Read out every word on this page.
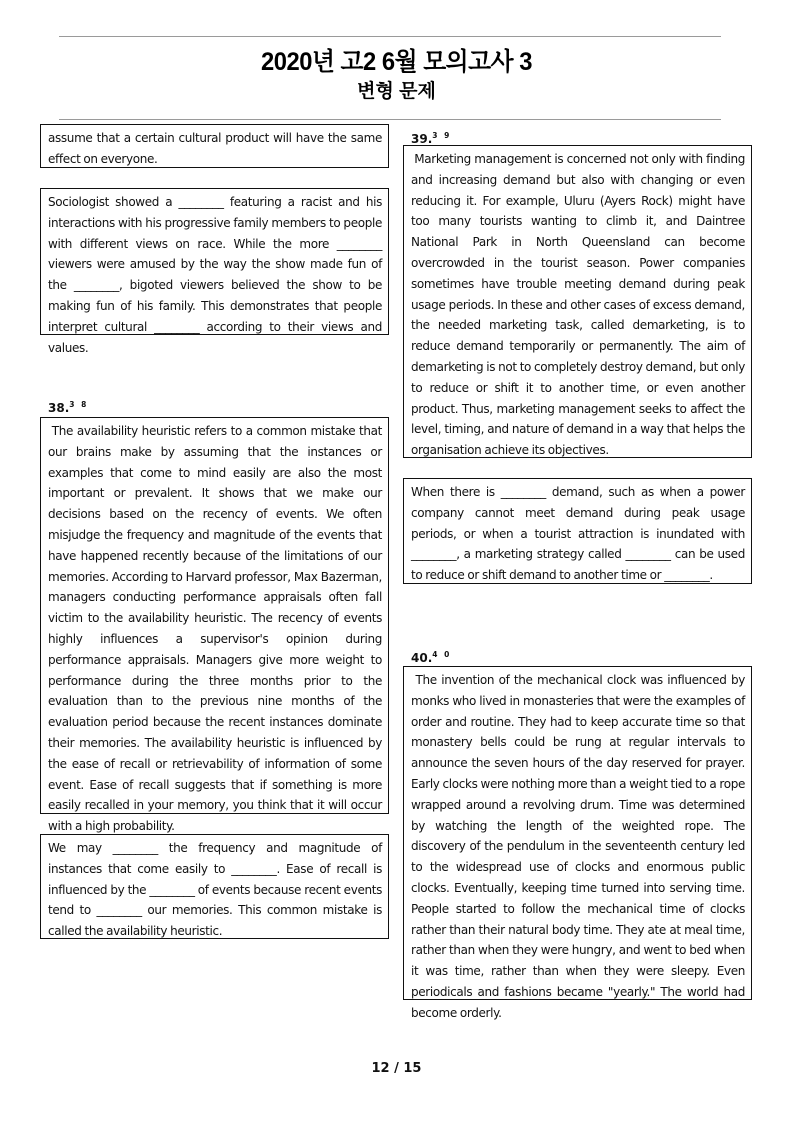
2020년 고2 6월 모의고사 3
변형 문제

assume that a certain cultural product will have the same effect on everyone.

Sociologist showed a ________ featuring a racist and his interactions with his progressive family members to people with different views on race. While the more ________ viewers were amused by the way the show made fun of the ________, bigoted viewers believed the show to be making fun of his family. This demonstrates that people interpret cultural ________ according to their views and values.

38.$^{3 8}$

The availability heuristic refers to a common mistake that our brains make by assuming that the instances or examples that come to mind easily are also the most important or prevalent. It shows that we make our decisions based on the recency of events. We often misjudge the frequency and magnitude of the events that have happened recently because of the limitations of our memories. According to Harvard professor, Max Bazerman, managers conducting performance appraisals often fall victim to the availability heuristic. The recency of events highly influences a supervisor's opinion during performance appraisals. Managers give more weight to performance during the three months prior to the evaluation than to the previous nine months of the evaluation period because the recent instances dominate their memories. The availability heuristic is influenced by the ease of recall or retrievability of information of some event. Ease of recall suggests that if something is more easily recalled in your memory, you think that it will occur with a high probability.

We may ________ the frequency and magnitude of instances that come easily to ________. Ease of recall is influenced by the ________ of events because recent events tend to ________ our memories. This common mistake is called the availability heuristic.

39.$^{3 9}$

Marketing management is concerned not only with finding and increasing demand but also with changing or even reducing it. For example, Uluru (Ayers Rock) might have too many tourists wanting to climb it, and Daintree National Park in North Queensland can become overcrowded in the tourist season. Power companies sometimes have trouble meeting demand during peak usage periods. In these and other cases of excess demand, the needed marketing task, called demarketing, is to reduce demand temporarily or permanently. The aim of demarketing is not to completely destroy demand, but only to reduce or shift it to another time, or even another product. Thus, marketing management seeks to affect the level, timing, and nature of demand in a way that helps the organisation achieve its objectives.

When there is ________ demand, such as when a power company cannot meet demand during peak usage periods, or when a tourist attraction is inundated with ________, a marketing strategy called ________ can be used to reduce or shift demand to another time or ________.

40.$^{4 0}$

The invention of the mechanical clock was influenced by monks who lived in monasteries that were the examples of order and routine. They had to keep accurate time so that monastery bells could be rung at regular intervals to announce the seven hours of the day reserved for prayer. Early clocks were nothing more than a weight tied to a rope wrapped around a revolving drum. Time was determined by watching the length of the weighted rope. The discovery of the pendulum in the seventeenth century led to the widespread use of clocks and enormous public clocks. Eventually, keeping time turned into serving time. People started to follow the mechanical time of clocks rather than their natural body time. They ate at meal time, rather than when they were hungry, and went to bed when it was time, rather than when they were sleepy. Even periodicals and fashions became "yearly." The world had become orderly.

12 / 15
